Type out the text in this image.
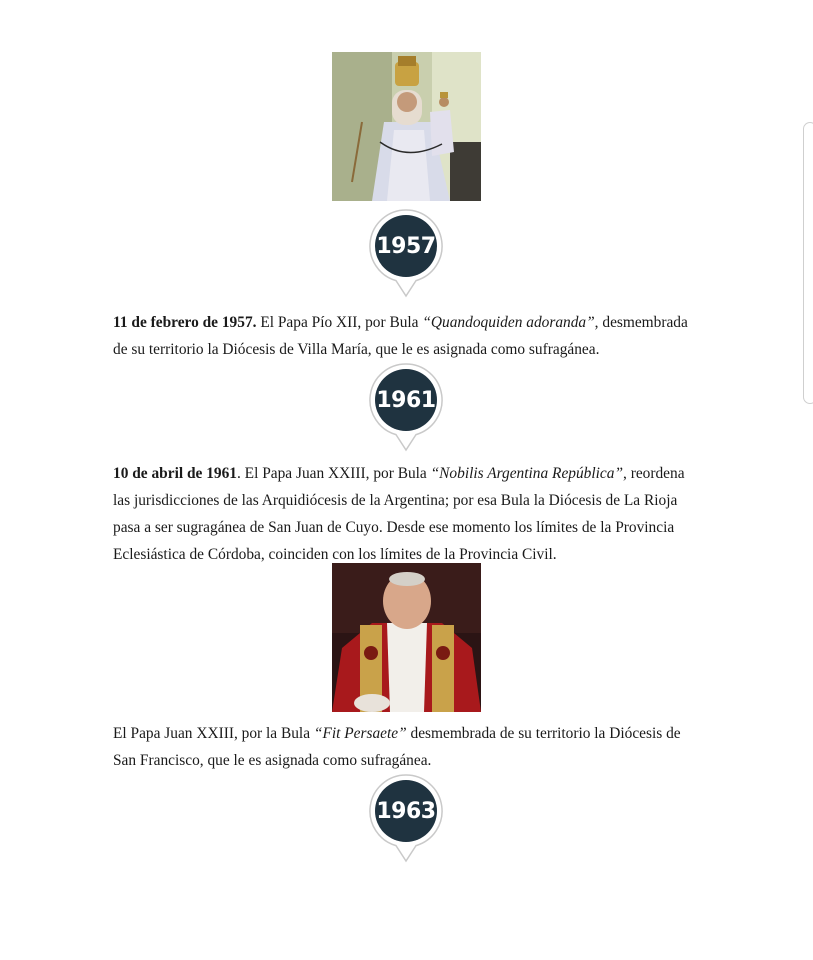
1957

11 de febrero de 1957. El Papa Pío XII, por Bula “Quandoquiden adoranda”, desmembrada de su territorio la Diócesis de Villa María, que le es asignada como sufragánea.

1961

10 de abril de 1961. El Papa Juan XXIII, por Bula “Nobilis Argentina República”, reordena las jurisdicciones de las Arquidiócesis de la Argentina; por esa Bula la Diócesis de La Rioja pasa a ser sugragánea de San Juan de Cuyo. Desde ese momento los límites de la Provincia Eclesiástica de Córdoba, coinciden con los límites de la Provincia Civil.

El Papa Juan XXIII, por la Bula “Fit Persaete” desmembrada de su territorio la Diócesis de San Francisco, que le es asignada como sufragánea.

1963
